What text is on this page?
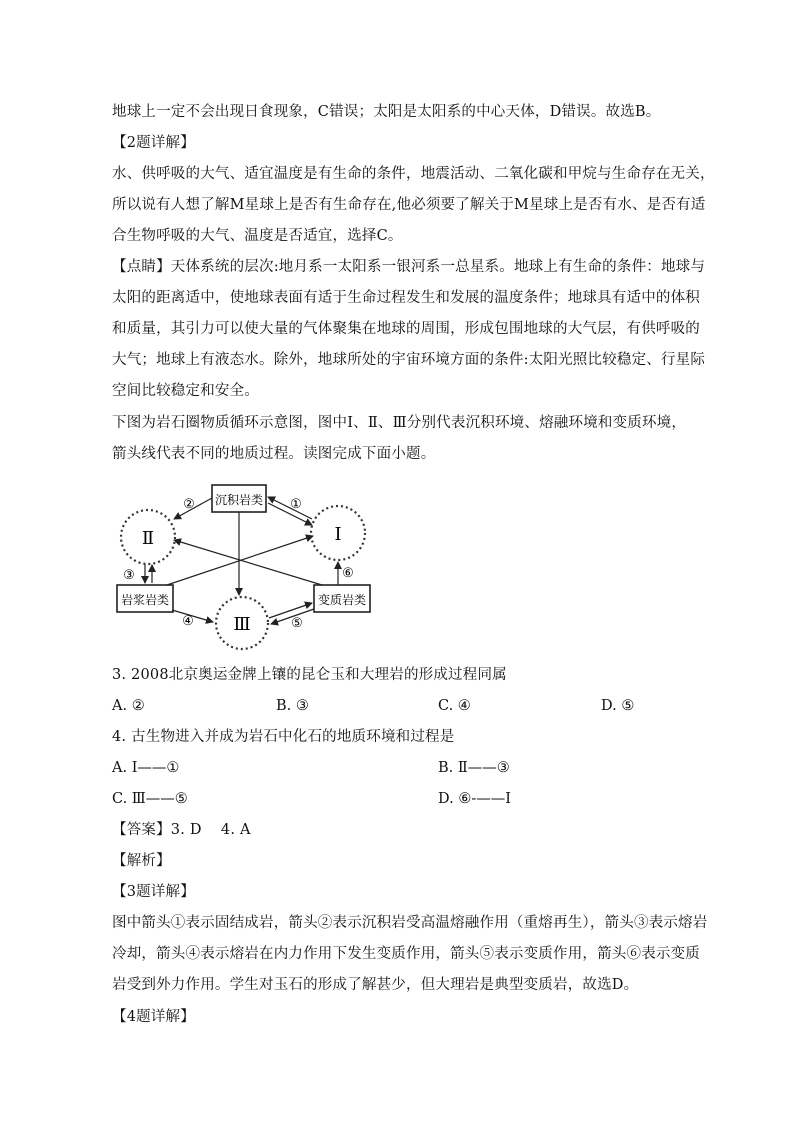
地球上一定不会出现日食现象，C错误；太阳是太阳系的中心天体，D错误。故选B。
【2题详解】
水、供呼吸的大气、适宜温度是有生命的条件，地震活动、二氧化碳和甲烷与生命存在无关，
所以说有人想了解M星球上是否有生命存在,他必须要了解关于M星球上是否有水、是否有适
合生物呼吸的大气、温度是否适宜，选择C。
【点睛】天体系统的层次:地月系一太阳系一银河系一总星系。地球上有生命的条件：地球与
太阳的距离适中，使地球表面有适于生命过程发生和发展的温度条件；地球具有适中的体积
和质量，其引力可以使大量的气体聚集在地球的周围，形成包围地球的大气层，有供呼吸的
大气；地球上有液态水。除外，地球所处的宇宙环境方面的条件:太阳光照比较稳定、行星际
空间比较稳定和安全。
下图为岩石圈物质循环示意图，图中Ⅰ、Ⅱ、Ⅲ分别代表沉积环境、熔融环境和变质环境，
箭头线代表不同的地质过程。读图完成下面小题。
Ⅱ	Ⅰ
Ⅲ
沉积岩类
岩浆岩类	变质岩类
①
②
③
④	⑤
⑥
3. 2008北京奥运金牌上镶的昆仑玉和大理岩的形成过程同属
A. ②	B. ③	C. ④	D. ⑤
4. 古生物进入并成为岩石中化石的地质环境和过程是
A. Ⅰ——①	B. Ⅱ——③
C. Ⅲ——⑤	D. ⑥-——Ⅰ
【答案】3. D    4. A
【解析】
【3题详解】
图中箭头①表示固结成岩，箭头②表示沉积岩受高温熔融作用（重熔再生），箭头③表示熔岩
冷却，箭头④表示熔岩在内力作用下发生变质作用，箭头⑤表示变质作用，箭头⑥表示变质
岩受到外力作用。学生对玉石的形成了解甚少，但大理岩是典型变质岩，故选D。
【4题详解】
